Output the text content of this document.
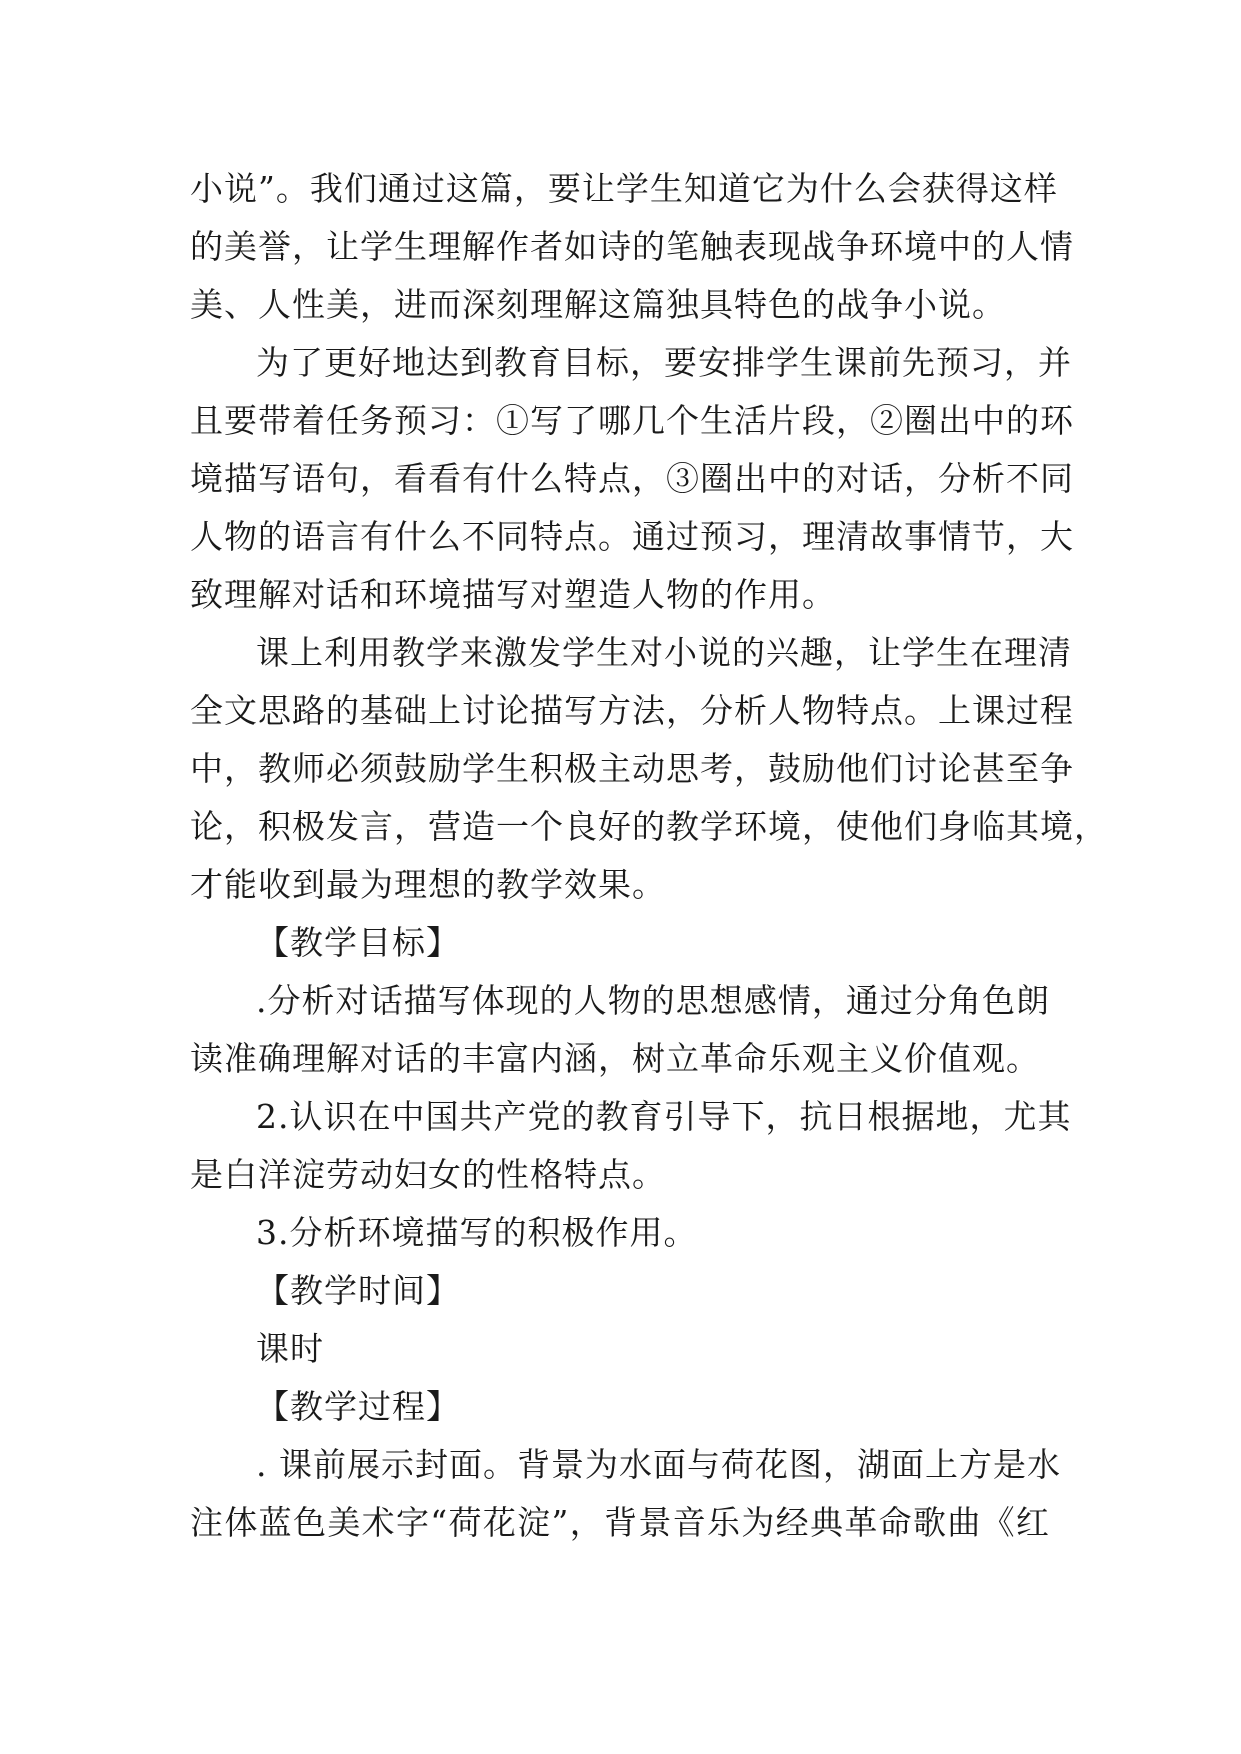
小说”。我们通过这篇，要让学生知道它为什么会获得这样
的美誉，让学生理解作者如诗的笔触表现战争环境中的人情
美、人性美，进而深刻理解这篇独具特色的战争小说。
为了更好地达到教育目标，要安排学生课前先预习，并
且要带着任务预习：①写了哪几个生活片段，②圈出中的环
境描写语句，看看有什么特点，③圈出中的对话，分析不同
人物的语言有什么不同特点。通过预习，理清故事情节，大
致理解对话和环境描写对塑造人物的作用。
课上利用教学来激发学生对小说的兴趣，让学生在理清
全文思路的基础上讨论描写方法，分析人物特点。上课过程
中，教师必须鼓励学生积极主动思考，鼓励他们讨论甚至争
论，积极发言，营造一个良好的教学环境，使他们身临其境，
才能收到最为理想的教学效果。
【教学目标】
.分析对话描写体现的人物的思想感情，通过分角色朗
读准确理解对话的丰富内涵，树立革命乐观主义价值观。
2.认识在中国共产党的教育引导下，抗日根据地，尤其
是白洋淀劳动妇女的性格特点。
3.分析环境描写的积极作用。
【教学时间】
课时
【教学过程】
. 课前展示封面。背景为水面与荷花图，湖面上方是水
注体蓝色美术字“荷花淀”，背景音乐为经典革命歌曲《红
